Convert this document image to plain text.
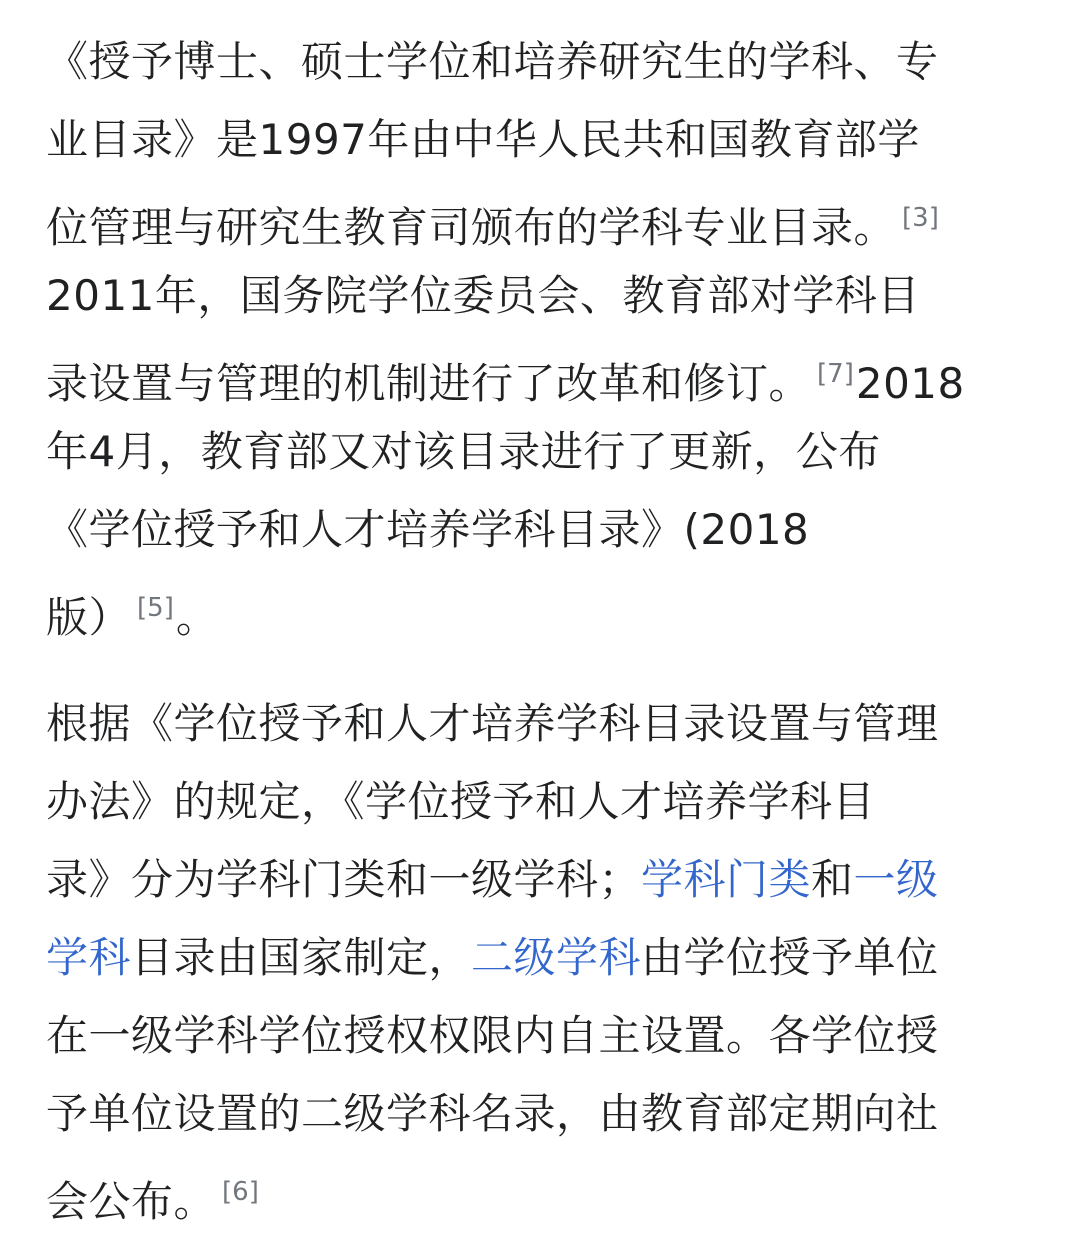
《授予博士、硕士学位和培养研究生的学科、专
业目录》是1997年由中华人民共和国教育部学
位管理与研究生教育司颁布的学科专业目录。 [3]
2011年，国务院学位委员会、教育部对学科目
录设置与管理的机制进行了改革和修订。 [7]2018
年4月，教育部又对该目录进行了更新，公布
《学位授予和人才培养学科目录》(2018
版） [5]。

根据《学位授予和人才培养学科目录设置与管理
办法》的规定，《学位授予和人才培养学科目
录》分为学科门类和一级学科；学科门类和一级
学科目录由国家制定，二级学科由学位授予单位
在一级学科学位授权权限内自主设置。各学位授
予单位设置的二级学科名录，由教育部定期向社
会公布。 [6]
